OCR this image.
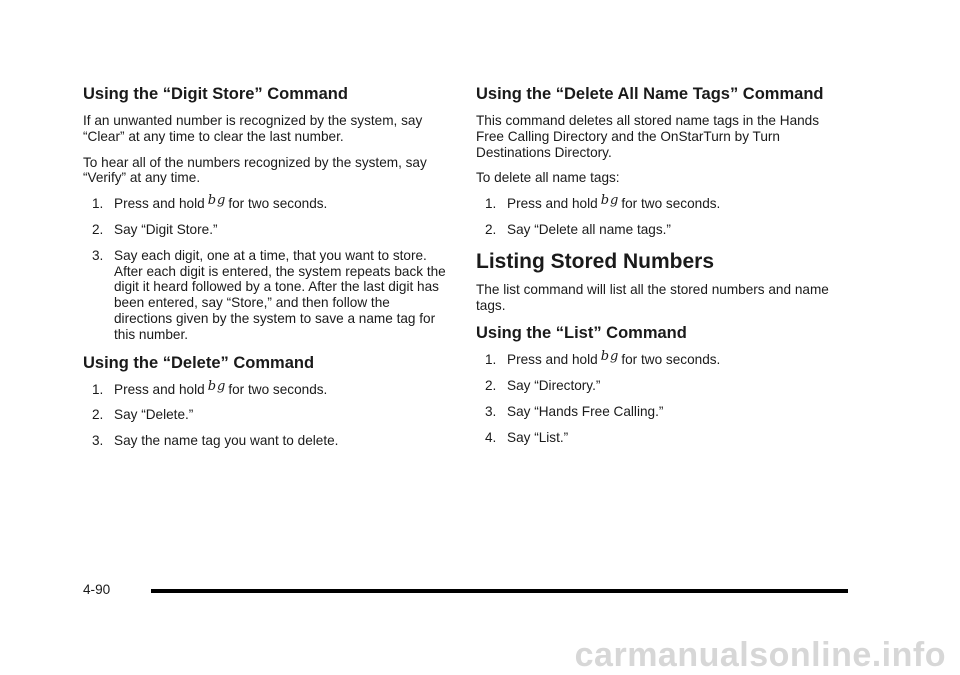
Using the “Digit Store” Command

If an unwanted number is recognized by the system, say “Clear” at any time to clear the last number.

To hear all of the numbers recognized by the system, say “Verify” at any time.

1. Press and hold bg for two seconds.
2. Say “Digit Store.”
3. Say each digit, one at a time, that you want to store. After each digit is entered, the system repeats back the digit it heard followed by a tone. After the last digit has been entered, say “Store,” and then follow the directions given by the system to save a name tag for this number.
Using the “Delete” Command
1. Press and hold bg for two seconds.
2. Say “Delete.”
3. Say the name tag you want to delete.
Using the “Delete All Name Tags” Command

This command deletes all stored name tags in the Hands Free Calling Directory and the OnStarTurn by Turn Destinations Directory.

To delete all name tags:

1. Press and hold bg for two seconds.
2. Say “Delete all name tags.”
Listing Stored Numbers

The list command will list all the stored numbers and name tags.

Using the “List” Command
1. Press and hold bg for two seconds.
2. Say “Directory.”
3. Say “Hands Free Calling.”
4. Say “List.”
4-90
carmanualsonline.info
